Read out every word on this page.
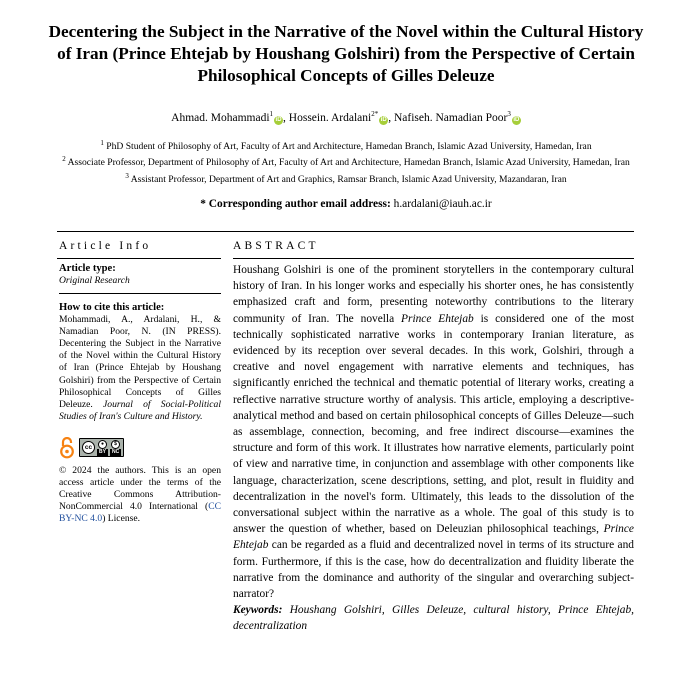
Decentering the Subject in the Narrative of the Novel within the Cultural History of Iran (Prince Ehtejab by Houshang Golshiri) from the Perspective of Certain Philosophical Concepts of Gilles Deleuze
Ahmad. Mohammadi$^1$iD , Hossein. Ardalani$^{2*}$iD , Nafiseh. Namadian Poor$^3$iD
$^1$ PhD Student of Philosophy of Art, Faculty of Art and Architecture, Hamedan Branch, Islamic Azad University, Hamedan, Iran
$^2$ Associate Professor, Department of Philosophy of Art, Faculty of Art and Architecture, Hamedan Branch, Islamic Azad University, Hamedan, Iran
$^3$ Assistant Professor, Department of Art and Graphics, Ramsar Branch, Islamic Azad University, Mazandaran, Iran
* Corresponding author email address: h.ardalani@iauh.ac.ir
Article Info	ABSTRACT
Article type:
Original Research
How to cite this article:
Mohammadi, A., Ardalani, H., & Namadian Poor, N. (IN PRESS). Decentering the Subject in the Narrative of the Novel within the Cultural History of Iran (Prince Ehtejab by Houshang Golshiri) from the Perspective of Certain Philosophical Concepts of Gilles Deleuze. Journal of Social-Political Studies of Iran's Culture and History.
cc	●
BY
$
NC
© 2024 the authors. This is an open access article under the terms of the Creative Commons Attribution-NonCommercial 4.0 International (CC BY-NC 4.0) License.
Houshang Golshiri is one of the prominent storytellers in the contemporary cultural history of Iran. In his longer works and especially his shorter ones, he has consistently emphasized craft and form, presenting noteworthy contributions to the literary community of Iran. The novella Prince Ehtejab is considered one of the most technically sophisticated narrative works in contemporary Iranian literature, as evidenced by its reception over several decades. In this work, Golshiri, through a creative and novel engagement with narrative elements and techniques, has significantly enriched the technical and thematic potential of literary works, creating a reflective narrative structure worthy of analysis. This article, employing a descriptive-analytical method and based on certain philosophical concepts of Gilles Deleuze—such as assemblage, connection, becoming, and free indirect discourse—examines the structure and form of this work. It illustrates how narrative elements, particularly point of view and narrative time, in conjunction and assemblage with other components like language, characterization, scene descriptions, setting, and plot, result in fluidity and decentralization in the novel's form. Ultimately, this leads to the dissolution of the conversational subject within the narrative as a whole. The goal of this study is to answer the question of whether, based on Deleuzian philosophical teachings, Prince Ehtejab can be regarded as a fluid and decentralized novel in terms of its structure and form. Furthermore, if this is the case, how do decentralization and fluidity liberate the narrative from the dominance and authority of the singular and overarching subject-narrator?
Keywords: Houshang Golshiri, Gilles Deleuze, cultural history, Prince Ehtejab, decentralization
